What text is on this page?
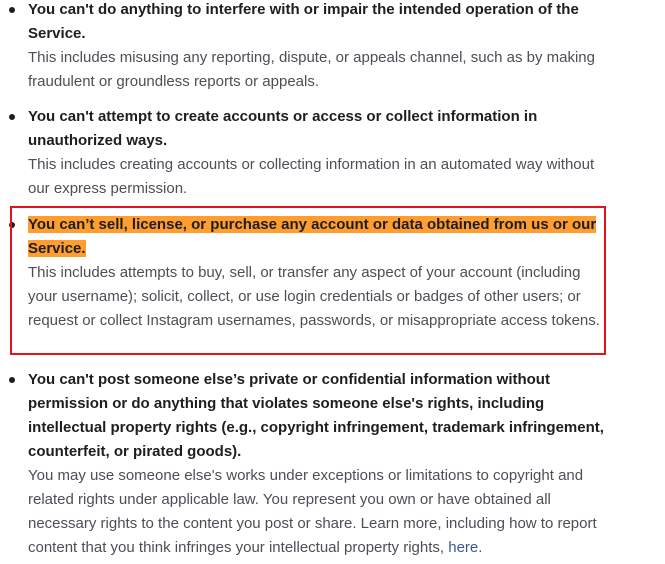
You can't do anything to interfere with or impair the intended operation of the Service.

This includes misusing any reporting, dispute, or appeals channel, such as by making fraudulent or groundless reports or appeals.

You can't attempt to create accounts or access or collect information in unauthorized ways.

This includes creating accounts or collecting information in an automated way without our express permission.

You can’t sell, license, or purchase any account or data obtained from us or our Service.

This includes attempts to buy, sell, or transfer any aspect of your account (including your username); solicit, collect, or use login credentials or badges of other users; or request or collect Instagram usernames, passwords, or misappropriate access tokens.

You can't post someone else’s private or confidential information without permission or do anything that violates someone else's rights, including intellectual property rights (e.g., copyright infringement, trademark infringement, counterfeit, or pirated goods).

You may use someone else's works under exceptions or limitations to copyright and related rights under applicable law. You represent you own or have obtained all necessary rights to the content you post or share. Learn more, including how to report content that you think infringes your intellectual property rights, here.
